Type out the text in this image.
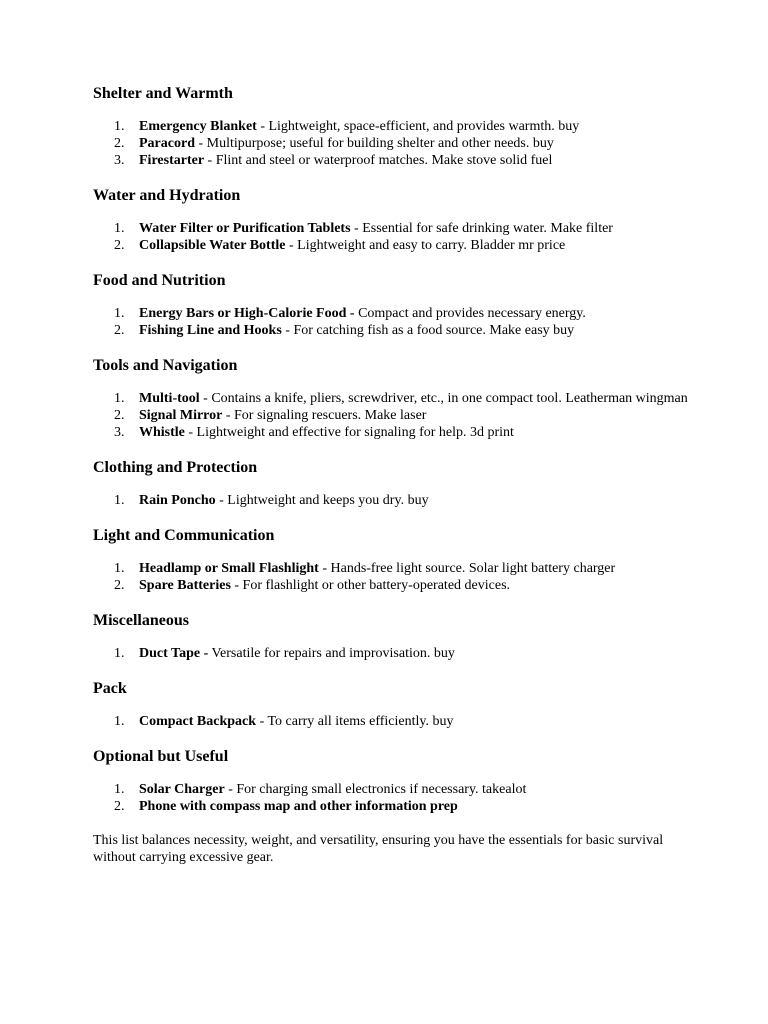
Shelter and Warmth
1. Emergency Blanket - Lightweight, space-efficient, and provides warmth. buy
2. Paracord - Multipurpose; useful for building shelter and other needs. buy
3. Firestarter - Flint and steel or waterproof matches. Make stove solid fuel
Water and Hydration
1. Water Filter or Purification Tablets - Essential for safe drinking water. Make filter
2. Collapsible Water Bottle - Lightweight and easy to carry. Bladder mr price
Food and Nutrition
1. Energy Bars or High-Calorie Food - Compact and provides necessary energy.
2. Fishing Line and Hooks - For catching fish as a food source. Make easy buy
Tools and Navigation
1. Multi-tool - Contains a knife, pliers, screwdriver, etc., in one compact tool. Leatherman wingman
2. Signal Mirror - For signaling rescuers. Make laser
3. Whistle - Lightweight and effective for signaling for help. 3d print
Clothing and Protection
1. Rain Poncho - Lightweight and keeps you dry. buy
Light and Communication
1. Headlamp or Small Flashlight - Hands-free light source. Solar light battery charger
2. Spare Batteries - For flashlight or other battery-operated devices.
Miscellaneous
1. Duct Tape - Versatile for repairs and improvisation. buy
Pack
1. Compact Backpack - To carry all items efficiently. buy
Optional but Useful
1. Solar Charger - For charging small electronics if necessary. takealot
2. Phone with compass map and other information prep

This list balances necessity, weight, and versatility, ensuring you have the essentials for basic survival without carrying excessive gear.
